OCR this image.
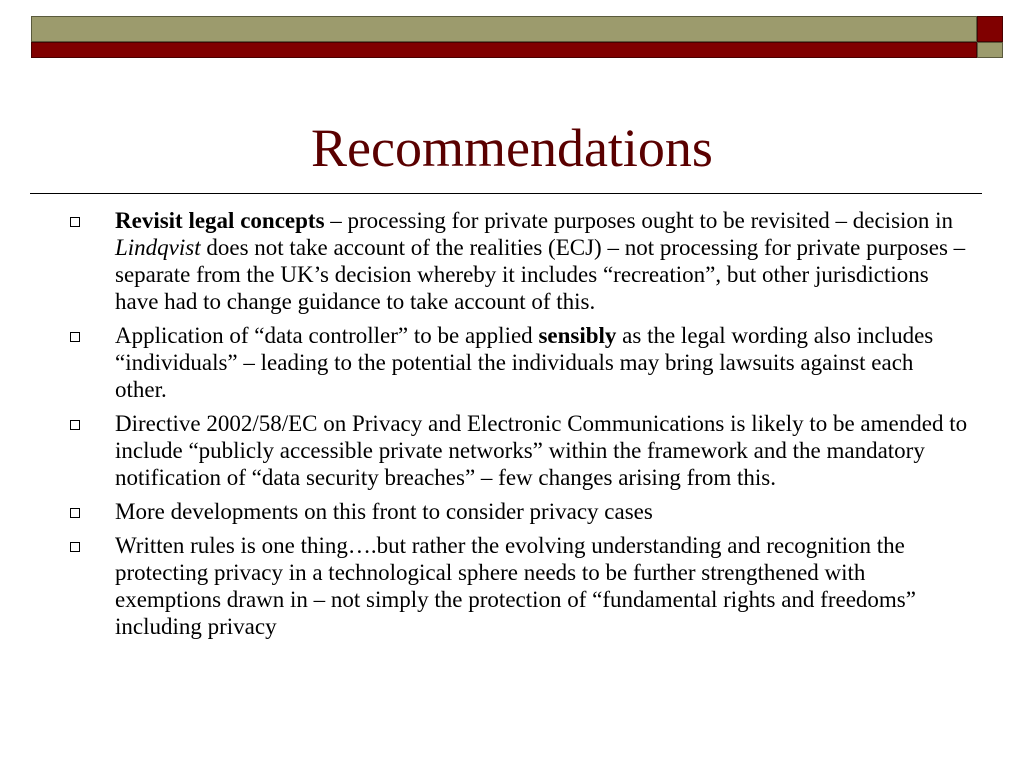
Recommendations
Revisit legal concepts – processing for private purposes ought to be revisited – decision in Lindqvist does not take account of the realities (ECJ) – not processing for private purposes – separate from the UK’s decision whereby it includes “recreation”, but other jurisdictions have had to change guidance to take account of this.
Application of “data controller” to be applied sensibly as the legal wording also includes “individuals” – leading to the potential the individuals may bring lawsuits against each other.
Directive 2002/58/EC on Privacy and Electronic Communications is likely to be amended to include “publicly accessible private networks” within the framework and the mandatory notification of “data security breaches” – few changes arising from this.
More developments on this front to consider privacy cases
Written rules is one thing….but rather the evolving understanding and recognition the protecting privacy in a technological sphere needs to be further strengthened with exemptions drawn in – not simply the protection of “fundamental rights and freedoms” including privacy
